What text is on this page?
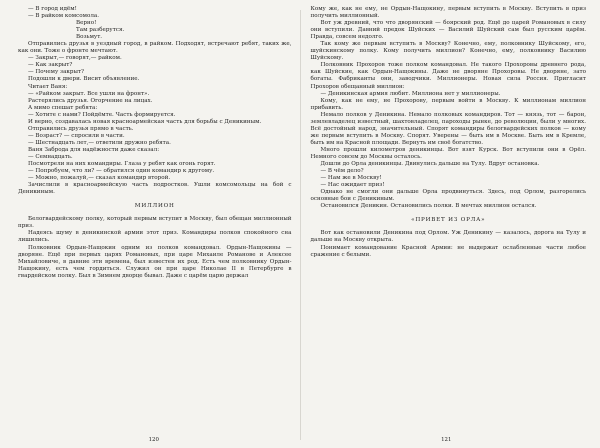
— В город идём!

— В райком комсомола.

Верно!

Там разберутся.

Возьмут.

Отправились друзья в уездный город, в райком. Подходят, встречают ребят, таких же, как они. Тоже о фронте мечтают.

— Закрыт,— говорят,— райком.

— Как закрыт?

— Почему закрыт?

Подошли к двери. Висит объявление.

Читает Ваня:

— «Райком закрыт. Все ушли на фронт».

Растерялись друзья. Огорчение на лицах.

А мимо спешат ребята:

— Хотите с нами? Пойдёмте. Часть формируется.

И верно, создавалась новая красноармейская часть для борьбы с Деникиным.

Отправились друзья прямо в часть.

— Возраст? — спросили в части.

— Шестнадцать лет,— ответили дружно ребята.

Ваня Заброда для надёжности даже сказал:

— Семнадцать.

Посмотрели на них командиры. Глаза у ребят как огонь горят.

— Попробуем, что ли? — обратился один командир к другому.

— Можно, пожалуй,— сказал командир второй.

Зачислили в красноармейскую часть подростков. Ушли комсомольцы на бой с Деникиным.

МИЛЛИОН

Белогвардейскому полку, который первым вступит в Москву, был обещан миллионный приз.

Надеясь шуму в деникинской армии этот приз. Командиры полков спокойного сна лишились.

Полковник Ордын-Нащокин одним из полков командовал. Ордын-Нащокины — дворяне. Ещё при первых царях Романовых, при царе Михаиле Романове и Алексее Михайловиче, в давние эти времена, был известен их род. Есть чем полковнику Ордын-Нащокину, есть чем гордиться. Служил он при царе Николае II в Петербурге в гвардейском полку. Был в Зимнем дворце бывал. Даже с царём царю держал

120

Кому же, как не ему, не Ордын-Нащокину, первым вступить в Москву. Вступить в приз получить миллионный.

Вот уж древний, что что дворянский — боярский род. Ещё до царей Романовых в силу они вступили. Давний предок Шуйских — Василий Шуйский сам был русским царём. Правда, совсем недолго.

Так кому же первым вступить в Москву? Конечно, ему, полковнику Шуйскому, его, шуйскинскому полку. Кому получить миллион? Конечно, ему, полковнику Василию Шуйскому.

Полковник Прохоров тоже полком командовал. Не такого Прохоровы древнего рода, как Шуйские, как Ордын-Нащокины. Даже не дворяне Прохоровы. Не дворяне, зато богаты. Фабриканты они, заводчики. Миллионеры. Новая сила Россия. Пригласит Прохоров обещанный миллион:

— Деникинская армия любит. Миллиона нет у миллионеры.

Кому, как не ему, не Прохорову, первым войти в Москву. К миллионам миллион прибавить.

Немало полков у Деникина. Немало полковых командиров. Тот — князь, тот — барон, землевладелец известный, шахтовладелец, пароходы рынке, до революции, были у многих. Всё достойный народ, значительный. Спорят командиры белогвардейских полков — кому же первым вступить в Москву. Спорят. Уверены — быть им в Москве. Быть им в Кремле, быть им на Красной площади. Вернуть им своё богатство.

Много прошли километров деникинцы. Вот взят Курск. Вот вступили они в Орёл. Немного совсем до Москвы осталось.

Дошли до Орла деникинцы. Двинулись дальше на Тулу. Вдруг остановка.

— В чём дело?

— Нам же в Москву!

— Нас ожидает приз!

Однако не смогли они дальше Орла продвинуться. Здесь, под Орлом, разгорелись основные бои с Деникиным.

Остановился Деникин. Остановились полки. В мечтах миллион остался.

«ПРИВЕТ ИЗ ОРЛА»

Вот как остановили Деникина под Орлом. Уж Деникину — казалось, дорога на Тулу и дальше на Москву открыта.

Понимает командование Красной Армии: не выдержат ослабленные части любое сражение с белыми.

121
